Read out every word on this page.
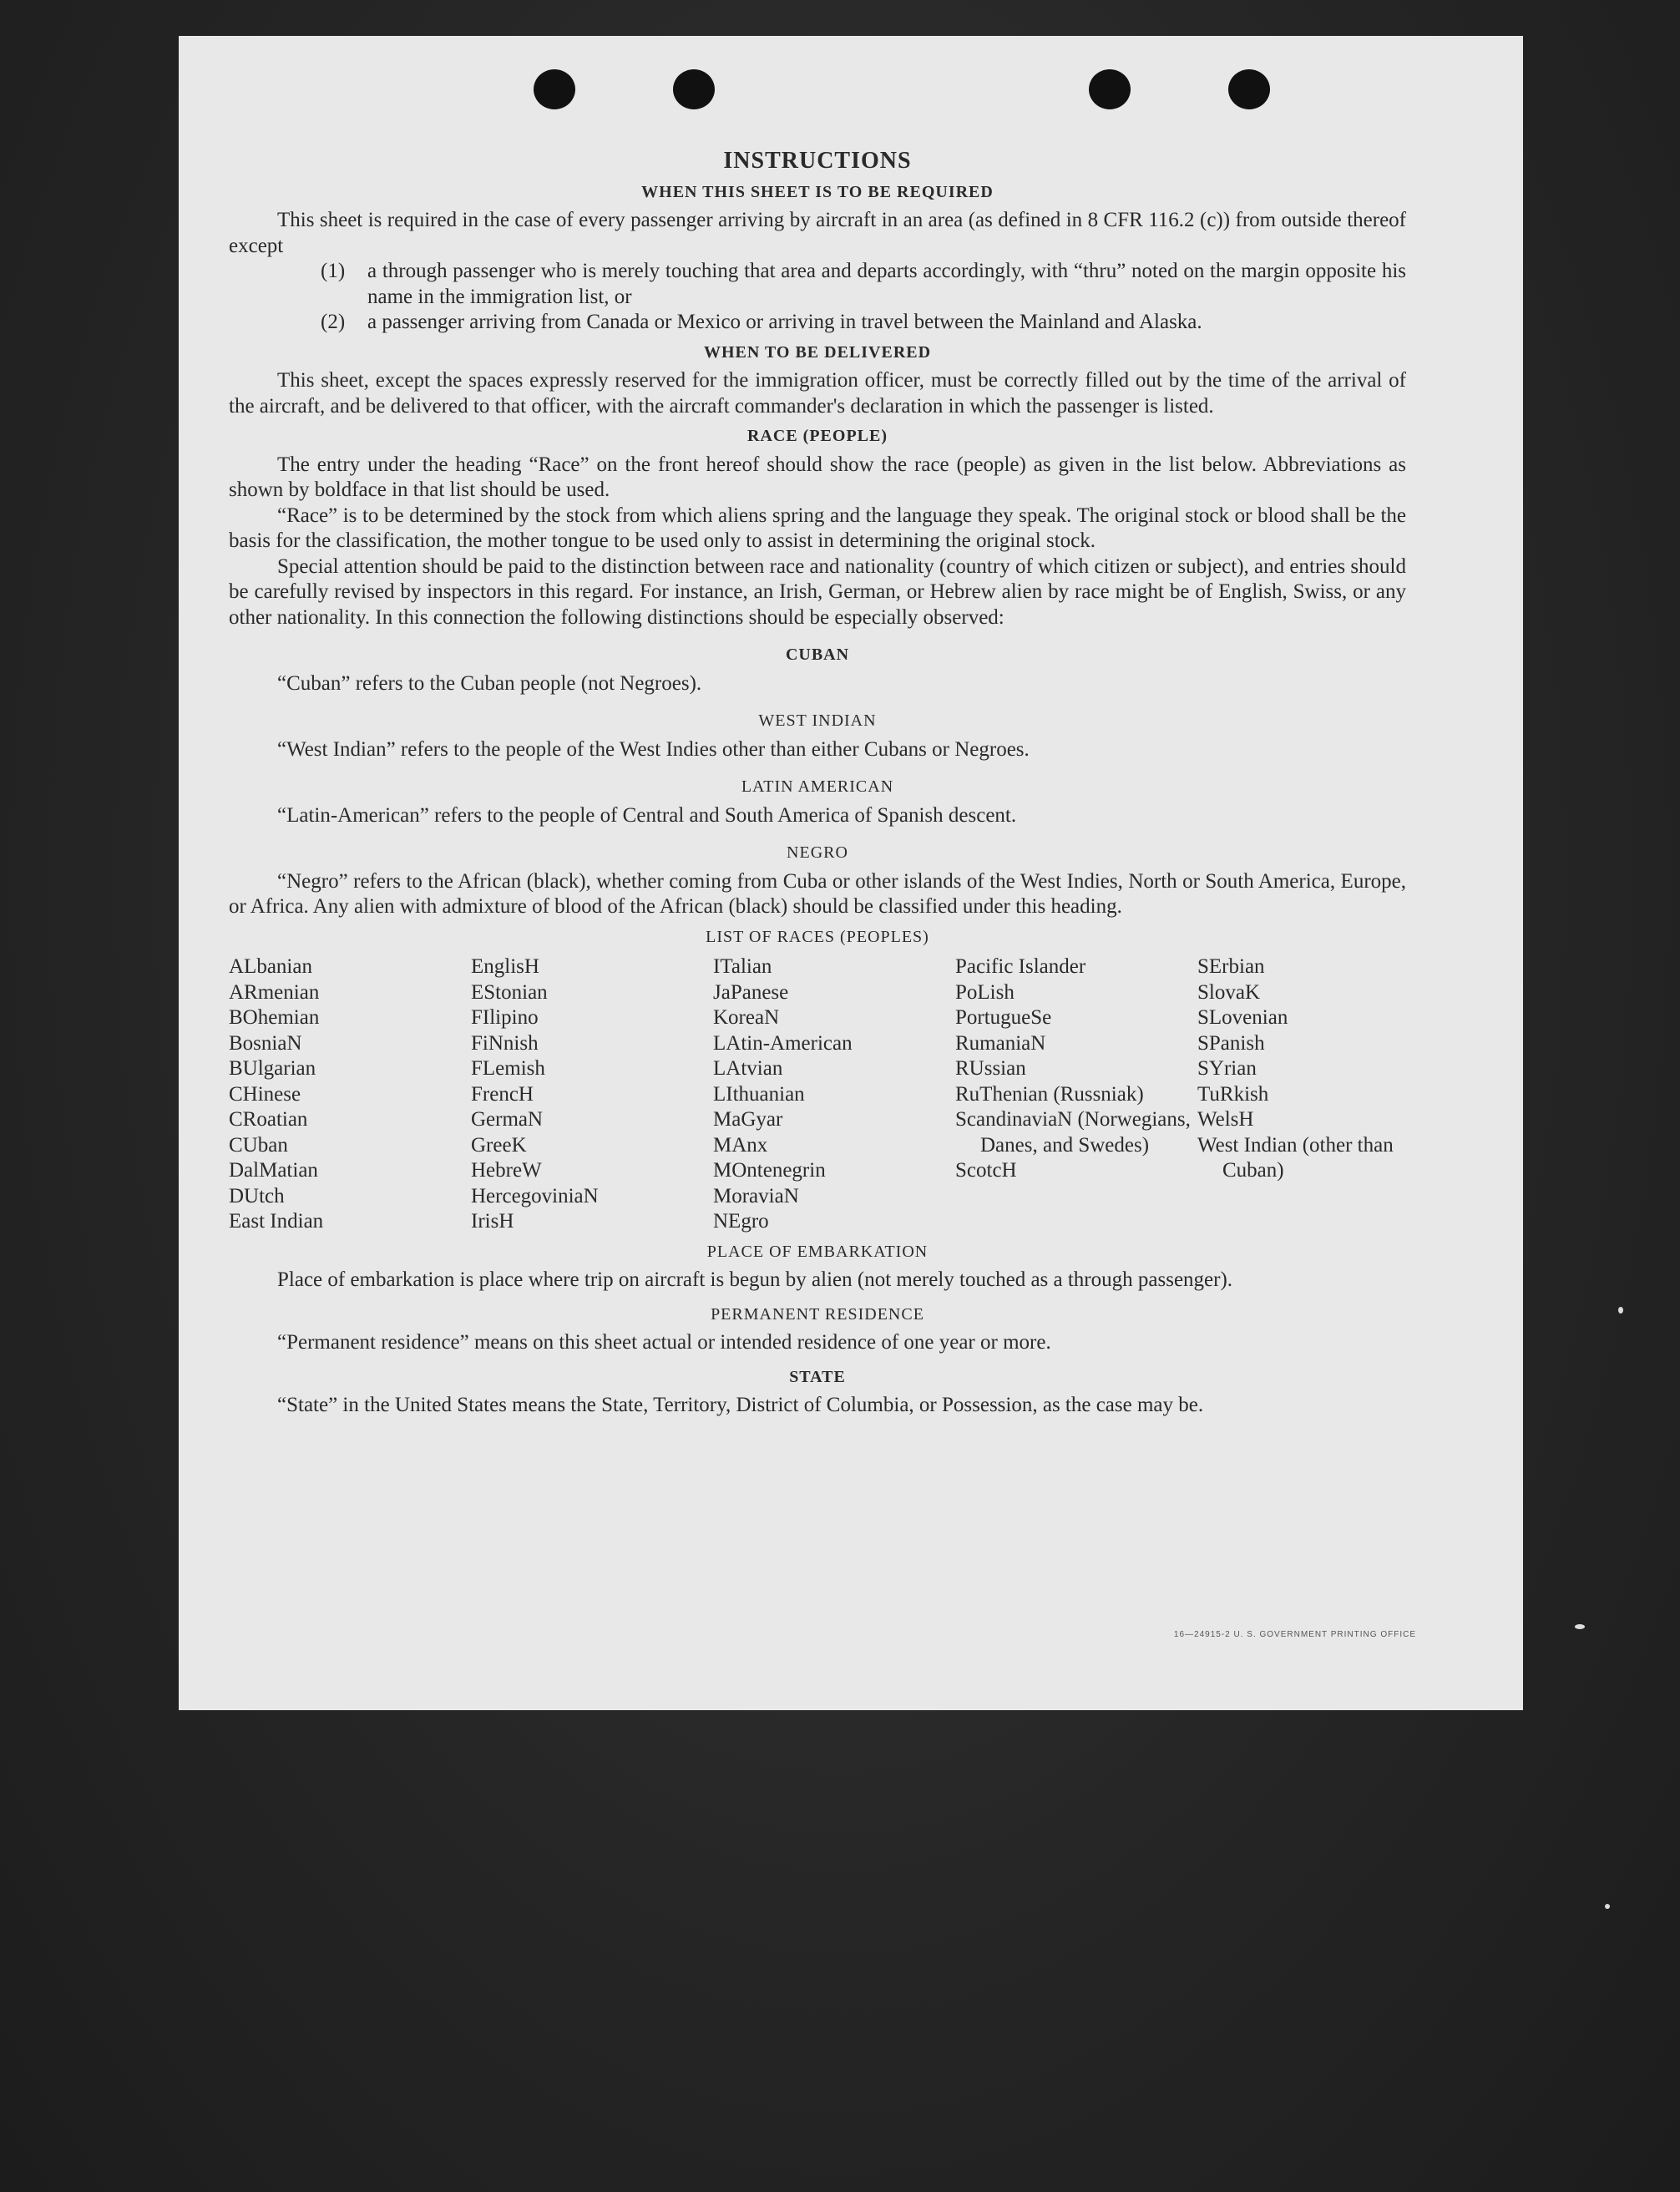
INSTRUCTIONS
WHEN THIS SHEET IS TO BE REQUIRED

This sheet is required in the case of every passenger arriving by aircraft in an area (as defined in 8 CFR 116.2 (c)) from outside thereof except

(1)	a through passenger who is merely touching that area and departs accordingly, with “thru” noted on the margin opposite his name in the immigration list, or
(2)	a passenger arriving from Canada or Mexico or arriving in travel between the Mainland and Alaska.
WHEN TO BE DELIVERED

This sheet, except the spaces expressly reserved for the immigration officer, must be correctly filled out by the time of the arrival of the aircraft, and be delivered to that officer, with the aircraft commander's declaration in which the passenger is listed.

RACE (PEOPLE)

The entry under the heading “Race” on the front hereof should show the race (people) as given in the list below. Abbreviations as shown by boldface in that list should be used.

“Race” is to be determined by the stock from which aliens spring and the language they speak. The original stock or blood shall be the basis for the classification, the mother tongue to be used only to assist in determining the original stock.

Special attention should be paid to the distinction between race and nationality (country of which citizen or subject), and entries should be carefully revised by inspectors in this regard. For instance, an Irish, German, or Hebrew alien by race might be of English, Swiss, or any other nationality. In this connection the following distinctions should be especially observed:

CUBAN

“Cuban” refers to the Cuban people (not Negroes).

WEST INDIAN

“West Indian” refers to the people of the West Indies other than either Cubans or Negroes.

LATIN AMERICAN

“Latin-American” refers to the people of Central and South America of Spanish descent.

NEGRO

“Negro” refers to the African (black), whether coming from Cuba or other islands of the West Indies, North or South America, Europe, or Africa. Any alien with admixture of blood of the African (black) should be classified under this heading.

LIST OF RACES (PEOPLES)
ALbanian
ARmenian
BOhemian
BosniaN
BUlgarian
CHinese
CRoatian
CUban
DalMatian
DUtch
East Indian
EnglisH
EStonian
FIlipino
FiNnish
FLemish
FrencH
GermaN
GreeK
HebreW
HercegoviniaN
IrisH
ITalian
JaPanese
KoreaN
LAtin-American
LAtvian
LIthuanian
MaGyar
MAnx
MOntenegrin
MoraviaN
NEgro
Pacific Islander
PoLish
PortugueSe
RumaniaN
RUssian
RuThenian (Russniak)
ScandinaviaN (Norwegians, Danes, and Swedes)
ScotcH
SErbian
SlovaK
SLovenian
SPanish
SYrian
TuRkish
WelsH
West Indian (other than Cuban)
PLACE OF EMBARKATION

Place of embarkation is place where trip on aircraft is begun by alien (not merely touched as a through passenger).

PERMANENT RESIDENCE

“Permanent residence” means on this sheet actual or intended residence of one year or more.

STATE

“State” in the United States means the State, Territory, District of Columbia, or Possession, as the case may be.

16—24915-2 U. S. GOVERNMENT PRINTING OFFICE
